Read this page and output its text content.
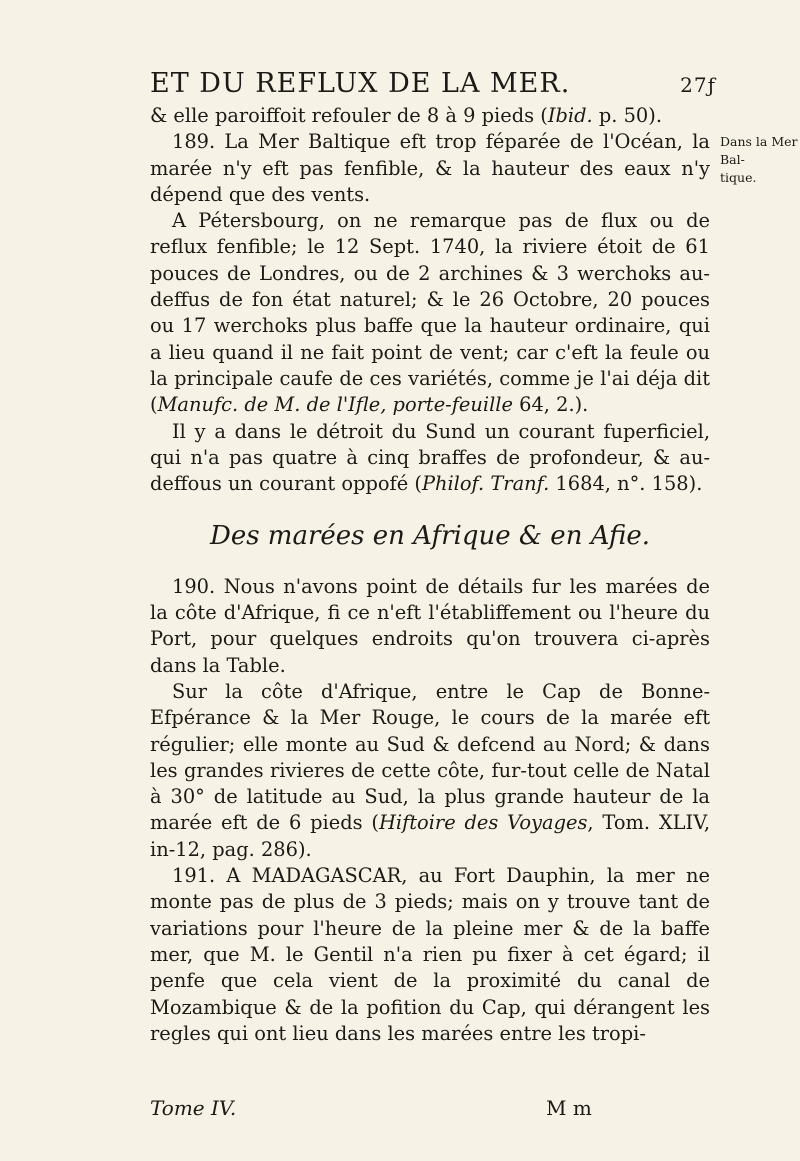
ET DU REFLUX DE LA MER.	27ƒ
Dans la Mer Bal-
tique.

& elle paroiffoit refouler de 8 à 9 pieds (Ibid. p. 50).

189. La Mer Baltique eft trop féparée de l'Océan, la marée n'y eft pas fenfible, & la hauteur des eaux n'y dépend que des vents.

A Pétersbourg, on ne remarque pas de flux ou de reflux fenfible; le 12 Sept. 1740, la riviere étoit de 61 pouces de Londres, ou de 2 archines & 3 werchoks au-deffus de fon état naturel; & le 26 Octobre, 20 pouces ou 17 werchoks plus baffe que la hauteur ordinaire, qui a lieu quand il ne fait point de vent; car c'eft la feule ou la principale caufe de ces variétés, comme je l'ai déja dit (Manufc. de M. de l'Ifle, porte-feuille 64, 2.).

Il y a dans le détroit du Sund un courant fuperficiel, qui n'a pas quatre à cinq braffes de profondeur, & au-deffous un courant oppofé (Philof. Tranf. 1684, n°. 158).

Des marées en Afrique & en Afie.

190. Nous n'avons point de détails fur les marées de la côte d'Afrique, fi ce n'eft l'établiffement ou l'heure du Port, pour quelques endroits qu'on trouvera ci-après dans la Table.

Sur la côte d'Afrique, entre le Cap de Bonne-Efpérance & la Mer Rouge, le cours de la marée eft régulier; elle monte au Sud & defcend au Nord; & dans les grandes rivieres de cette côte, fur-tout celle de Natal à 30° de latitude au Sud, la plus grande hauteur de la marée eft de 6 pieds (Hiftoire des Voyages, Tom. XLIV, in-12, pag. 286).

191. A MADAGASCAR, au Fort Dauphin, la mer ne monte pas de plus de 3 pieds; mais on y trouve tant de variations pour l'heure de la pleine mer & de la baffe mer, que M. le Gentil n'a rien pu fixer à cet égard; il penfe que cela vient de la proximité du canal de Mozambique & de la pofition du Cap, qui dérangent les regles qui ont lieu dans les marées entre les tropi-

Tome IV.	M m
